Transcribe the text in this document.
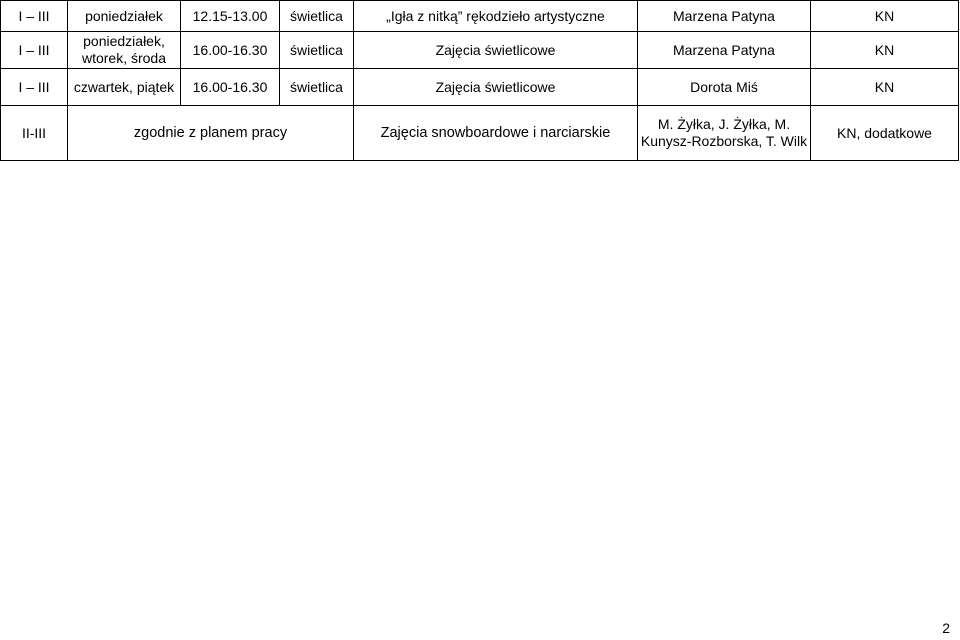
I – III	poniedziałek	12.15-13.00	świetlica	„Igła z nitką” rękodzieło artystyczne	Marzena Patyna	KN
I – III	poniedziałek, wtorek, środa	16.00-16.30	świetlica	Zajęcia świetlicowe	Marzena Patyna	KN
I – III	czwartek, piątek	16.00-16.30	świetlica	Zajęcia świetlicowe	Dorota Miś	KN
II-III	zgodnie z planem pracy			Zajęcia snowboardowe i narciarskie	M. Żyłka, J. Żyłka, M. Kunysz-Rozborska, T. Wilk	KN, dodatkowe
2
